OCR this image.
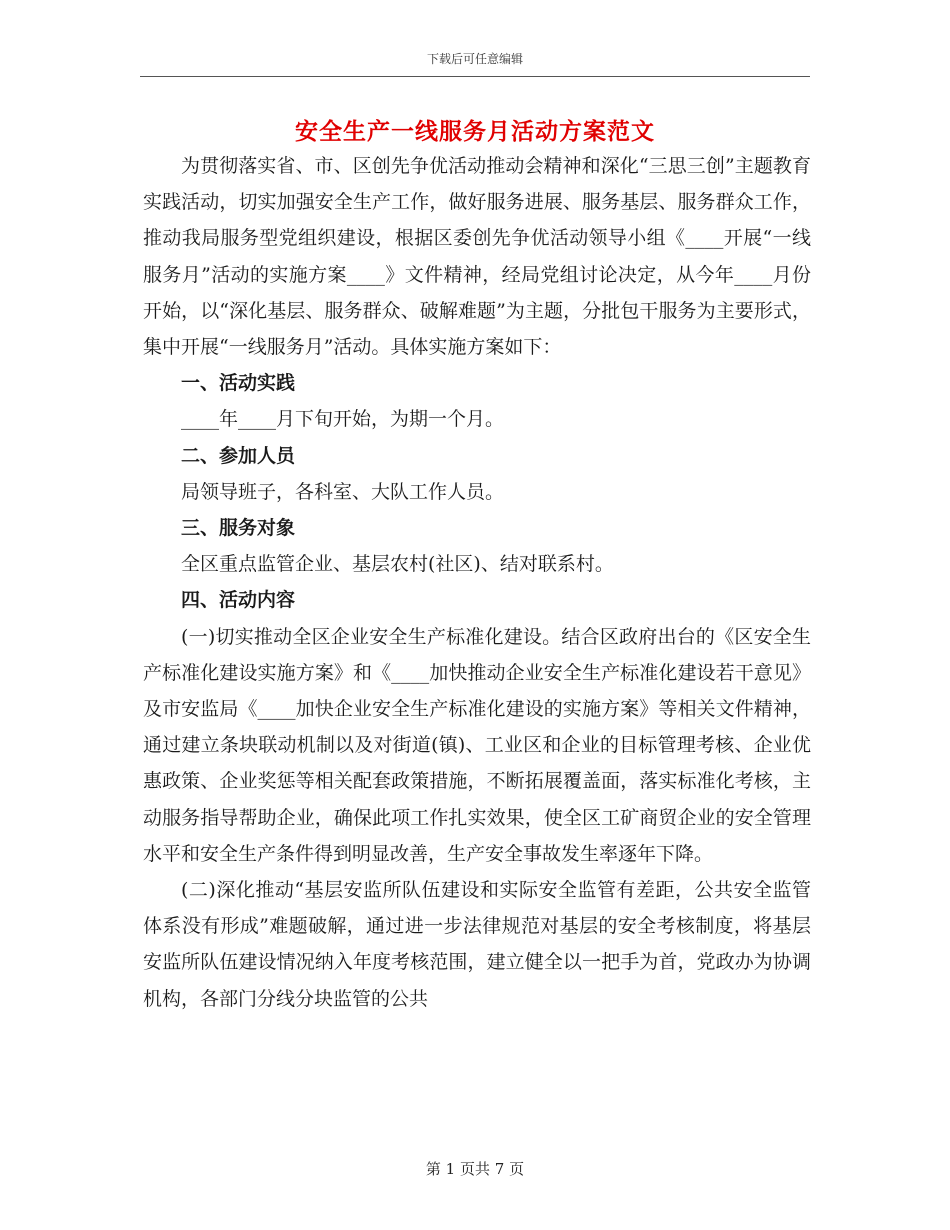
下载后可任意编辑
安全生产一线服务月活动方案范文

为贯彻落实省、市、区创先争优活动推动会精神和深化“三思三创”主题教育实践活动，切实加强安全生产工作，做好服务进展、服务基层、服务群众工作，推动我局服务型党组织建设，根据区委创先争优活动领导小组《____开展“一线服务月”活动的实施方案____》文件精神，经局党组讨论决定，从今年____月份开始，以“深化基层、服务群众、破解难题”为主题，分批包干服务为主要形式，集中开展“一线服务月”活动。具体实施方案如下：

一、活动实践

____年____月下旬开始，为期一个月。

二、参加人员

局领导班子，各科室、大队工作人员。

三、服务对象

全区重点监管企业、基层农村(社区)、结对联系村。

四、活动内容

(一)切实推动全区企业安全生产标准化建设。结合区政府出台的《区安全生产标准化建设实施方案》和《____加快推动企业安全生产标准化建设若干意见》及市安监局《____加快企业安全生产标准化建设的实施方案》等相关文件精神，通过建立条块联动机制以及对街道(镇)、工业区和企业的目标管理考核、企业优惠政策、企业奖惩等相关配套政策措施，不断拓展覆盖面，落实标准化考核，主动服务指导帮助企业，确保此项工作扎实效果，使全区工矿商贸企业的安全管理水平和安全生产条件得到明显改善，生产安全事故发生率逐年下降。

(二)深化推动“基层安监所队伍建设和实际安全监管有差距，公共安全监管体系没有形成”难题破解，通过进一步法律规范对基层的安全考核制度，将基层安监所队伍建设情况纳入年度考核范围，建立健全以一把手为首，党政办为协调机构，各部门分线分块监管的公共

第 1 页共 7 页
